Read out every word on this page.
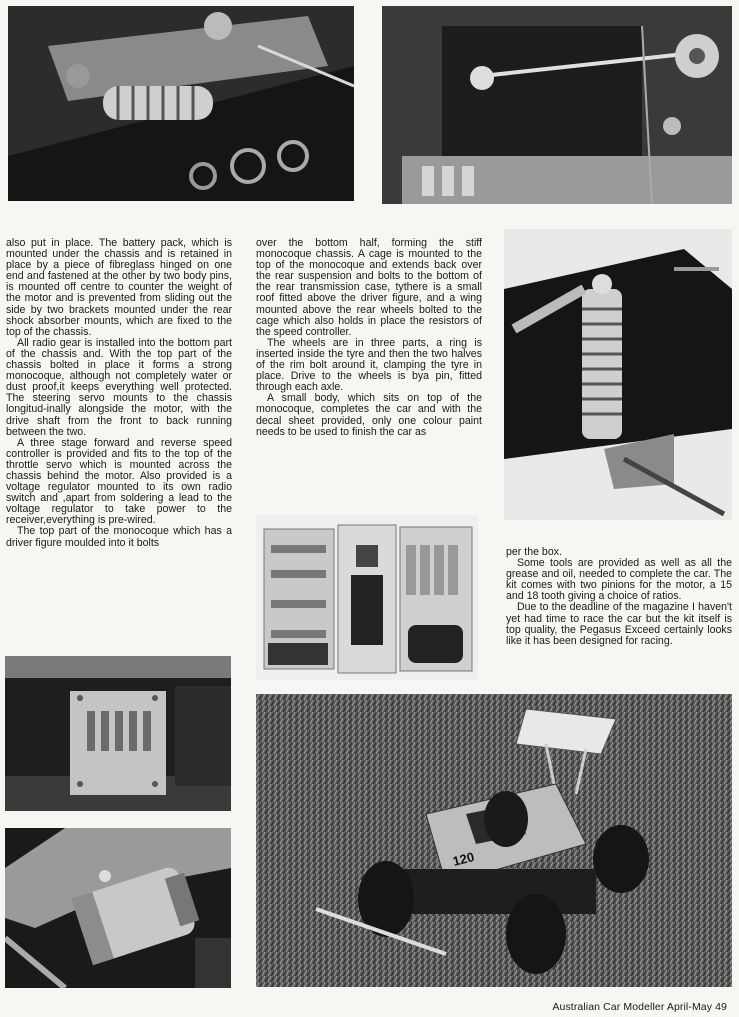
120

also put in place. The battery pack, which is mounted under the chassis and is retained in place by a piece of fibreglass hinged on one end and fastened at the other by two body pins, is mounted off centre to counter the weight of the motor and is prevented from sliding out the side by two brackets mounted under the rear shock absorber mounts, which are fixed to the top of the chassis.

All radio gear is installed into the bottom part of the chassis and. With the top part of the chassis bolted in place it forms a strong monocoque, although not completely water or dust proof,it keeps everything well protected. The steering servo mounts to the chassis longitud-inally alongside the motor, with the drive shaft from the front to back running between the two.

A three stage forward and reverse speed controller is provided and fits to the top of the throttle servo which is mounted across the chassis behind the motor. Also provided is a voltage regulator mounted to its own radio switch and ,apart from soldering a lead to the voltage regulator to take power to the receiver,everything is pre-wired.

The top part of the monocoque which has a driver figure moulded into it bolts

over the bottom half, forming the stiff monocoque chassis. A cage is mounted to the top of the monocoque and extends back over the rear suspension and bolts to the bottom of the rear transmission case, tythere is a small roof fitted above the driver figure, and a wing mounted above the rear wheels bolted to the cage which also holds in place the resistors of the speed controller.

The wheels are in three parts, a ring is inserted inside the tyre and then the two halves of the rim bolt around it, clamping the tyre in place. Drive to the wheels is bya pin, fitted through each axle.

A small body, which sits on top of the monocoque, completes the car and with the decal sheet provided, only one colour paint needs to be used to finish the car as

per the box.

Some tools are provided as well as all the grease and oil, needed to complete the car. The kit comes with two pinions for the motor, a 15 and 18 tooth giving a choice of ratios.

Due to the deadline of the magazine I haven't yet had time to race the car but the kit itself is top quality, the Pegasus Exceed certainly looks like it has been designed for racing.

Australian Car Modeller April-May 49
